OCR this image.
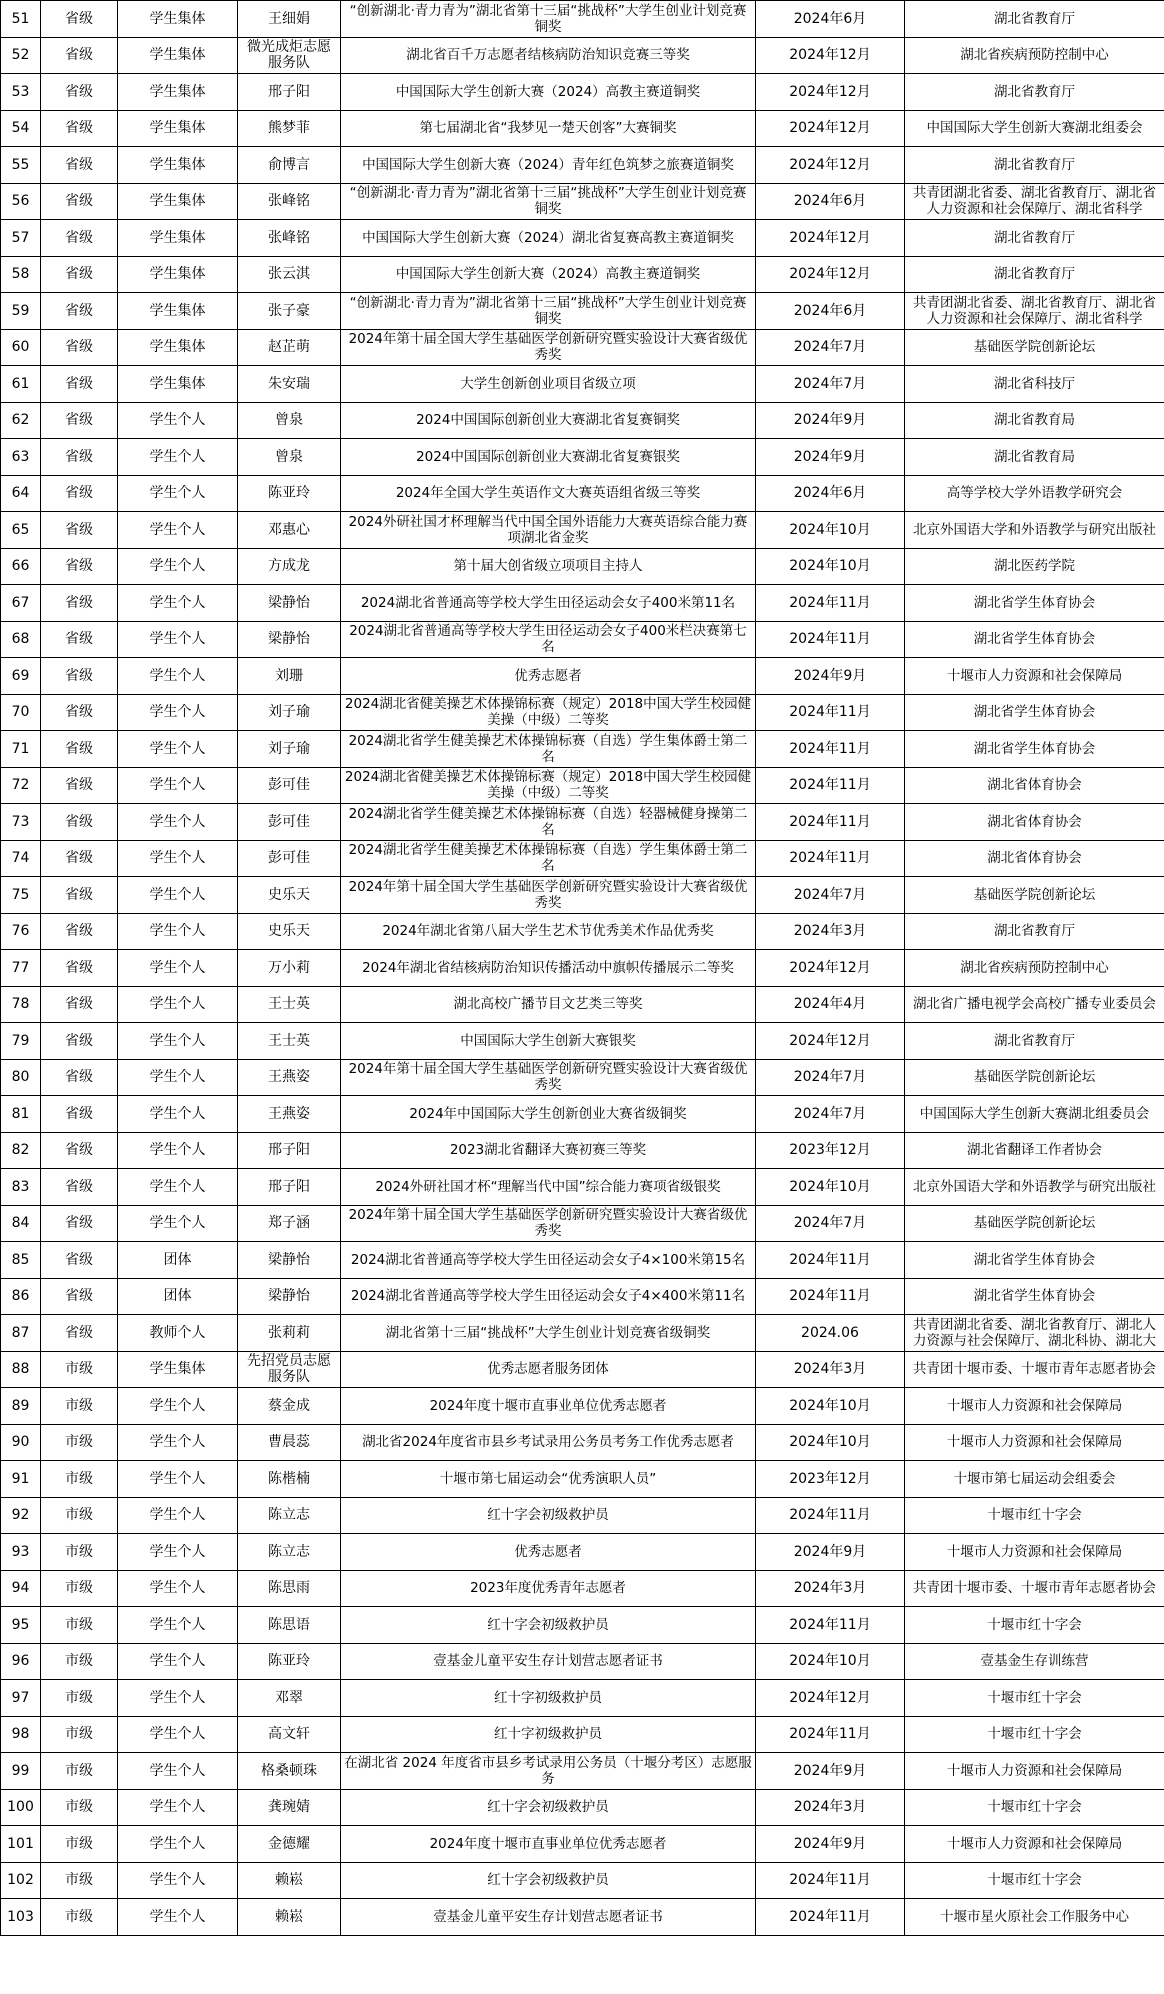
51	省级	学生集体	王细娟	“创新湖北·青力青为”湖北省第十三届“挑战杯”大学生创业计划竞赛铜奖	2024年6月	湖北省教育厅
52	省级	学生集体	微光成炬志愿服务队	湖北省百千万志愿者结核病防治知识竞赛三等奖	2024年12月	湖北省疾病预防控制中心
53	省级	学生集体	邢子阳	中国国际大学生创新大赛（2024）高教主赛道铜奖	2024年12月	湖北省教育厅
54	省级	学生集体	熊梦菲	第七届湖北省“我梦见一楚天创客”大赛铜奖	2024年12月	中国国际大学生创新大赛湖北组委会
55	省级	学生集体	俞博言	中国国际大学生创新大赛（2024）青年红色筑梦之旅赛道铜奖	2024年12月	湖北省教育厅
56	省级	学生集体	张峰铭	“创新湖北·青力青为”湖北省第十三届“挑战杯”大学生创业计划竞赛铜奖	2024年6月	共青团湖北省委、湖北省教育厅、湖北省人力资源和社会保障厅、湖北省科学
57	省级	学生集体	张峰铭	中国国际大学生创新大赛（2024）湖北省复赛高教主赛道铜奖	2024年12月	湖北省教育厅
58	省级	学生集体	张云淇	中国国际大学生创新大赛（2024）高教主赛道铜奖	2024年12月	湖北省教育厅
59	省级	学生集体	张子豪	“创新湖北·青力青为”湖北省第十三届“挑战杯”大学生创业计划竞赛铜奖	2024年6月	共青团湖北省委、湖北省教育厅、湖北省人力资源和社会保障厅、湖北省科学
60	省级	学生集体	赵芷萌	2024年第十届全国大学生基础医学创新研究暨实验设计大赛省级优秀奖	2024年7月	基础医学院创新论坛
61	省级	学生集体	朱安瑞	大学生创新创业项目省级立项	2024年7月	湖北省科技厅
62	省级	学生个人	曾泉	2024中国国际创新创业大赛湖北省复赛铜奖	2024年9月	湖北省教育局
63	省级	学生个人	曾泉	2024中国国际创新创业大赛湖北省复赛银奖	2024年9月	湖北省教育局
64	省级	学生个人	陈亚玲	2024年全国大学生英语作文大赛英语组省级三等奖	2024年6月	高等学校大学外语教学研究会
65	省级	学生个人	邓惠心	2024外研社国才杯理解当代中国全国外语能力大赛英语综合能力赛项湖北省金奖	2024年10月	北京外国语大学和外语教学与研究出版社
66	省级	学生个人	方成龙	第十届大创省级立项项目主持人	2024年10月	湖北医药学院
67	省级	学生个人	梁静怡	2024湖北省普通高等学校大学生田径运动会女子400米第11名	2024年11月	湖北省学生体育协会
68	省级	学生个人	梁静怡	2024湖北省普通高等学校大学生田径运动会女子400米栏决赛第七名	2024年11月	湖北省学生体育协会
69	省级	学生个人	刘珊	优秀志愿者	2024年9月	十堰市人力资源和社会保障局
70	省级	学生个人	刘子瑜	2024湖北省健美操艺术体操锦标赛（规定）2018中国大学生校园健美操（中级）二等奖	2024年11月	湖北省学生体育协会
71	省级	学生个人	刘子瑜	2024湖北省学生健美操艺术体操锦标赛（自选）学生集体爵士第二名	2024年11月	湖北省学生体育协会
72	省级	学生个人	彭可佳	2024湖北省健美操艺术体操锦标赛（规定）2018中国大学生校园健美操（中级）二等奖	2024年11月	湖北省体育协会
73	省级	学生个人	彭可佳	2024湖北省学生健美操艺术体操锦标赛（自选）轻器械健身操第二名	2024年11月	湖北省体育协会
74	省级	学生个人	彭可佳	2024湖北省学生健美操艺术体操锦标赛（自选）学生集体爵士第二名	2024年11月	湖北省体育协会
75	省级	学生个人	史乐天	2024年第十届全国大学生基础医学创新研究暨实验设计大赛省级优秀奖	2024年7月	基础医学院创新论坛
76	省级	学生个人	史乐天	2024年湖北省第八届大学生艺术节优秀美术作品优秀奖	2024年3月	湖北省教育厅
77	省级	学生个人	万小莉	2024年湖北省结核病防治知识传播活动中旗帜传播展示二等奖	2024年12月	湖北省疾病预防控制中心
78	省级	学生个人	王士英	湖北高校广播节目文艺类三等奖	2024年4月	湖北省广播电视学会高校广播专业委员会
79	省级	学生个人	王士英	中国国际大学生创新大赛银奖	2024年12月	湖北省教育厅
80	省级	学生个人	王燕姿	2024年第十届全国大学生基础医学创新研究暨实验设计大赛省级优秀奖	2024年7月	基础医学院创新论坛
81	省级	学生个人	王燕姿	2024年中国国际大学生创新创业大赛省级铜奖	2024年7月	中国国际大学生创新大赛湖北组委员会
82	省级	学生个人	邢子阳	2023湖北省翻译大赛初赛三等奖	2023年12月	湖北省翻译工作者协会
83	省级	学生个人	邢子阳	2024外研社国才杯“理解当代中国”综合能力赛项省级银奖	2024年10月	北京外国语大学和外语教学与研究出版社
84	省级	学生个人	郑子涵	2024年第十届全国大学生基础医学创新研究暨实验设计大赛省级优秀奖	2024年7月	基础医学院创新论坛
85	省级	团体	梁静怡	2024湖北省普通高等学校大学生田径运动会女子4×100米第15名	2024年11月	湖北省学生体育协会
86	省级	团体	梁静怡	2024湖北省普通高等学校大学生田径运动会女子4×400米第11名	2024年11月	湖北省学生体育协会
87	省级	教师个人	张莉莉	湖北省第十三届“挑战杯”大学生创业计划竞赛省级铜奖	2024.06	共青团湖北省委、湖北省教育厅、湖北人力资源与社会保障厅、湖北科协、湖北大
88	市级	学生集体	先招党员志愿服务队	优秀志愿者服务团体	2024年3月	共青团十堰市委、十堰市青年志愿者协会
89	市级	学生个人	蔡金成	2024年度十堰市直事业单位优秀志愿者	2024年10月	十堰市人力资源和社会保障局
90	市级	学生个人	曹晨蕊	湖北省2024年度省市县乡考试录用公务员考务工作优秀志愿者	2024年10月	十堰市人力资源和社会保障局
91	市级	学生个人	陈楷楠	十堰市第七届运动会“优秀演职人员”	2023年12月	十堰市第七届运动会组委会
92	市级	学生个人	陈立志	红十字会初级救护员	2024年11月	十堰市红十字会
93	市级	学生个人	陈立志	优秀志愿者	2024年9月	十堰市人力资源和社会保障局
94	市级	学生个人	陈思雨	2023年度优秀青年志愿者	2024年3月	共青团十堰市委、十堰市青年志愿者协会
95	市级	学生个人	陈思语	红十字会初级救护员	2024年11月	十堰市红十字会
96	市级	学生个人	陈亚玲	壹基金儿童平安生存计划营志愿者证书	2024年10月	壹基金生存训练营
97	市级	学生个人	邓翠	红十字初级救护员	2024年12月	十堰市红十字会
98	市级	学生个人	高文轩	红十字初级救护员	2024年11月	十堰市红十字会
99	市级	学生个人	格桑顿珠	在湖北省 2024 年度省市县乡考试录用公务员（十堰分考区）志愿服务	2024年9月	十堰市人力资源和社会保障局
100	市级	学生个人	龚琬婧	红十字会初级救护员	2024年3月	十堰市红十字会
101	市级	学生个人	金德耀	2024年度十堰市直事业单位优秀志愿者	2024年9月	十堰市人力资源和社会保障局
102	市级	学生个人	赖崧	红十字会初级救护员	2024年11月	十堰市红十字会
103	市级	学生个人	赖崧	壹基金儿童平安生存计划营志愿者证书	2024年11月	十堰市星火原社会工作服务中心
